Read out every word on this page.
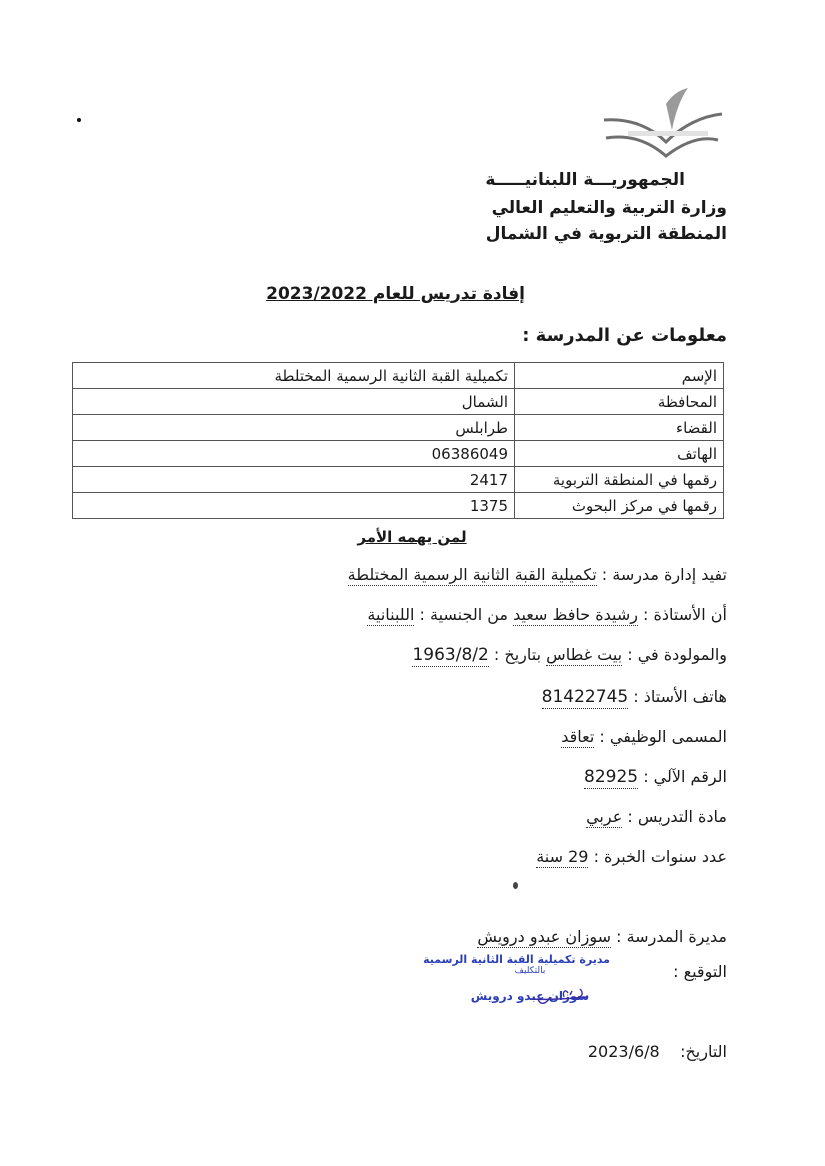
الجمهوريـــة اللبنانيـــــة
وزارة التربية والتعليم العالي
المنطقة التربوية في الشمال
إفادة تدريس للعام 2023/2022
معلومات عن المدرسة :
الإسم	تكميلية القبة الثانية الرسمية المختلطة
المحافظة	الشمال
القضاء	طرابلس
الهاتف	06386049
رقمها في المنطقة التربوية	2417
رقمها في مركز البحوث	1375
لمن يهمه الأمر
تفيد إدارة مدرسة : تكميلية القبة الثانية الرسمية المختلطة
أن الأستاذة : رشيدة حافظ سعيد من الجنسية : اللبنانية
والمولودة في : بيت غطاس بتاريخ : 1963/8/2
هاتف الأستاذ : 81422745
المسمى الوظيفي : تعاقد
الرقم الآلي : 82925
مادة التدريس : عربي
عدد سنوات الخبرة : 29 سنة
مديرة المدرسة : سوزان عبدو درويش
التوقيع :
مديرة تكميلية القبة الثانية الرسمية
بالتكليف
سوزان عبدو درويش
التاريخ:    2023/6/8
